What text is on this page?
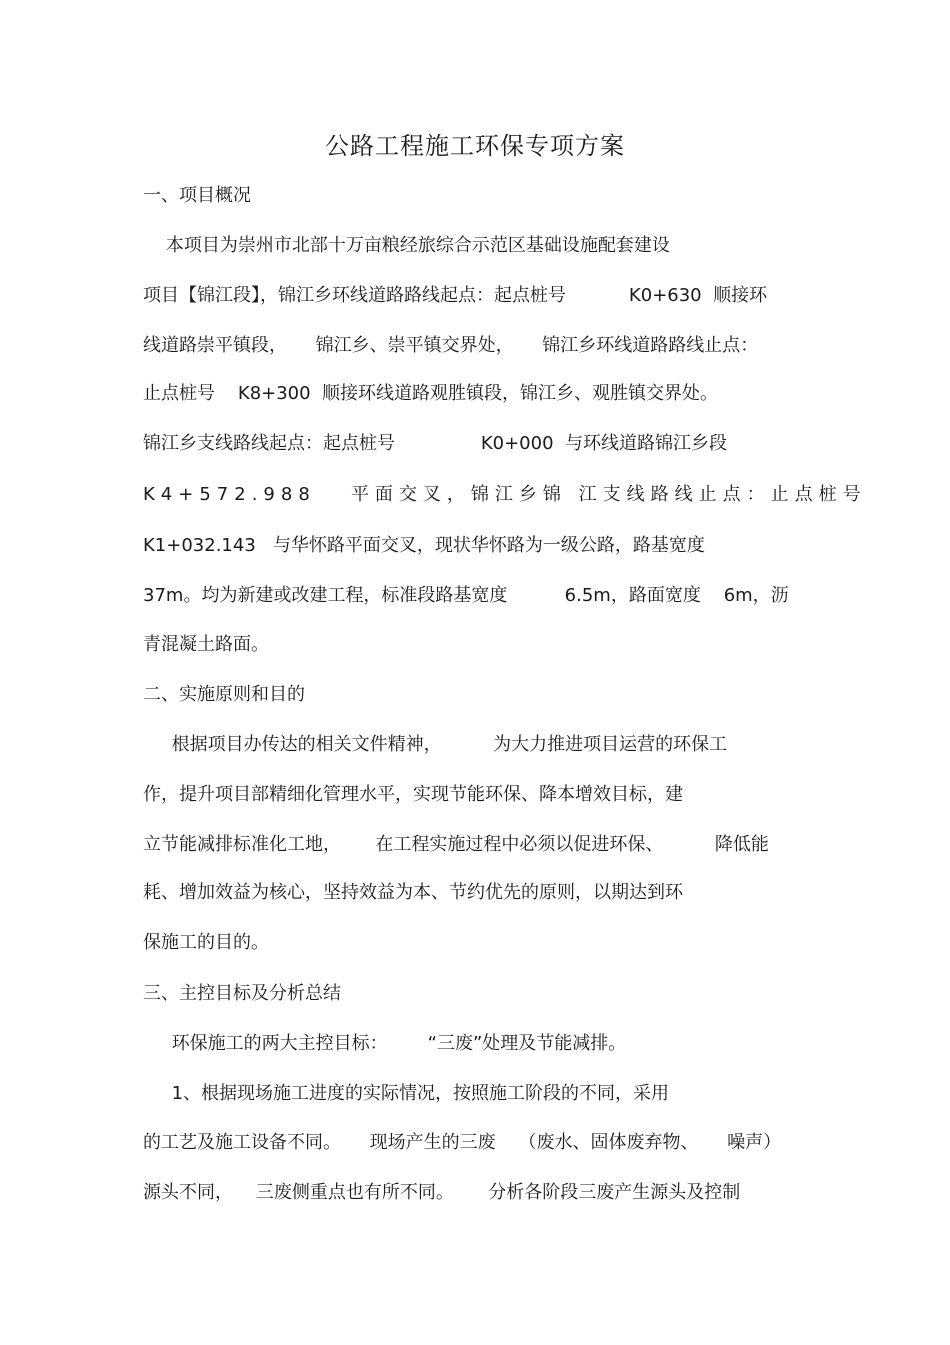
公路工程施工环保专项方案

一、项目概况

本项目为崇州市北部十万亩粮经旅综合示范区基础设施配套建设

项目【锦江段】，锦江乡环线道路路线起点：起点桩号           K0+630  顺接环

线道路崇平镇段，     锦江乡、崇平镇交界处，     锦江乡环线道路路线止点：

止点桩号    K8+300  顺接环线道路观胜镇段，锦江乡、观胜镇交界处。

锦江乡支线路线起点：起点桩号               K0+000  与环线道路锦江乡段

K4+572.988   平面交叉，锦江乡锦 江支线路线止点：止点桩号

K1+032.143   与华怀路平面交叉，现状华怀路为一级公路，路基宽度

37m。均为新建或改建工程，标准段路基宽度          6.5m，路面宽度    6m，沥

青混凝土路面。

二、实施原则和目的

根据项目办传达的相关文件精神，         为大力推进项目运营的环保工

作，提升项目部精细化管理水平，实现节能环保、降本增效目标，建

立节能减排标准化工地，      在工程实施过程中必须以促进环保、         降低能

耗、增加效益为核心，坚持效益为本、节约优先的原则，以期达到环

保施工的目的。

三、主控目标及分析总结

环保施工的两大主控目标：       “三废”处理及节能减排。

1、根据现场施工进度的实际情况，按照施工阶段的不同，采用

的工艺及施工设备不同。     现场产生的三废    （废水、固体废弃物、     噪声）

源头不同，    三废侧重点也有所不同。      分析各阶段三废产生源头及控制
